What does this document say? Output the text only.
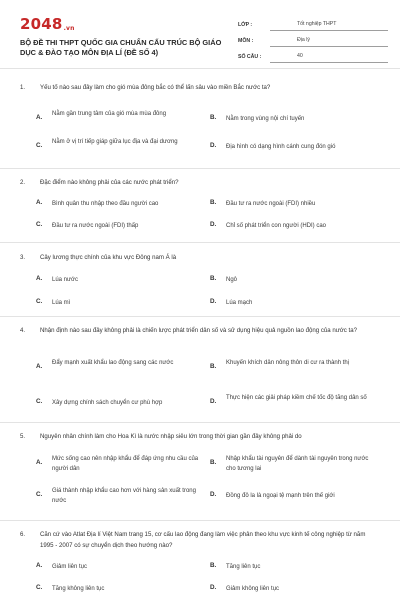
2048.vn
BỘ ĐỀ THI THPT QUỐC GIA CHUẨN CẤU TRÚC BỘ GIÁO DỤC & ĐÀO TẠO MÔN ĐỊA LÍ (ĐỀ SỐ 4)
LỚP :	Tốt nghiệp THPT
MÔN :	Địa lý
SỐ CÂU :	40
1. Yếu tố nào sau đây làm cho gió mùa đông bắc có thể lấn sâu vào miền Bắc nước ta?
A. Nằm gần trung tâm của gió mùa mùa đông	B. Nằm trong vùng nội chí tuyến
C. Nằm ở vị trí tiếp giáp giữa lục địa và đại dương	D. Địa hình có dạng hình cánh cung đón gió
2. Đặc điểm nào không phải của các nước phát triển?
A. Bình quân thu nhập theo đầu người cao	B. Đầu tư ra nước ngoài (FDI) nhiều
C. Đầu tư ra nước ngoài (FDI) thấp	D. Chỉ số phát triển con người (HDI) cao
3. Cây lương thực chính của khu vực Đông nam Á là
A. Lúa nước	B. Ngô
C. Lúa mì	D. Lúa mạch
4. Nhận định nào sau đây không phải là chiến lược phát triển dân số và sử dụng hiệu quả nguồn lao động của nước ta?
A. Đẩy mạnh xuất khẩu lao động sang các nước	B. Khuyến khích dân nông thôn di cư ra thành thị
C. Xây dựng chính sách chuyển cư phù hợp	D. Thực hiện các giải pháp kiềm chế tốc độ tăng dân số
5. Nguyên nhân chính làm cho Hoa Kì là nước nhập siêu lớn trong thời gian gần đây không phải do
A. Mức sống cao nên nhập khẩu để đáp ứng nhu cầu của người dân
B. Nhập khẩu tài nguyên để dành tài nguyên trong nước cho tương lai
C. Giá thành nhập khẩu cao hơn với hàng sản xuất trong nước
D. Đồng đô la là ngoại tệ mạnh trên thế giới
6. Căn cứ vào Atlat Địa lí Việt Nam trang 15, cơ cấu lao động đang làm việc phân theo khu vực kinh tế công nghiệp từ năm 1995 - 2007 có sự chuyển dịch theo hướng nào?
A. Giảm liên tục	B. Tăng liên tục
C. Tăng không liên tục	D. Giảm không liên tục
